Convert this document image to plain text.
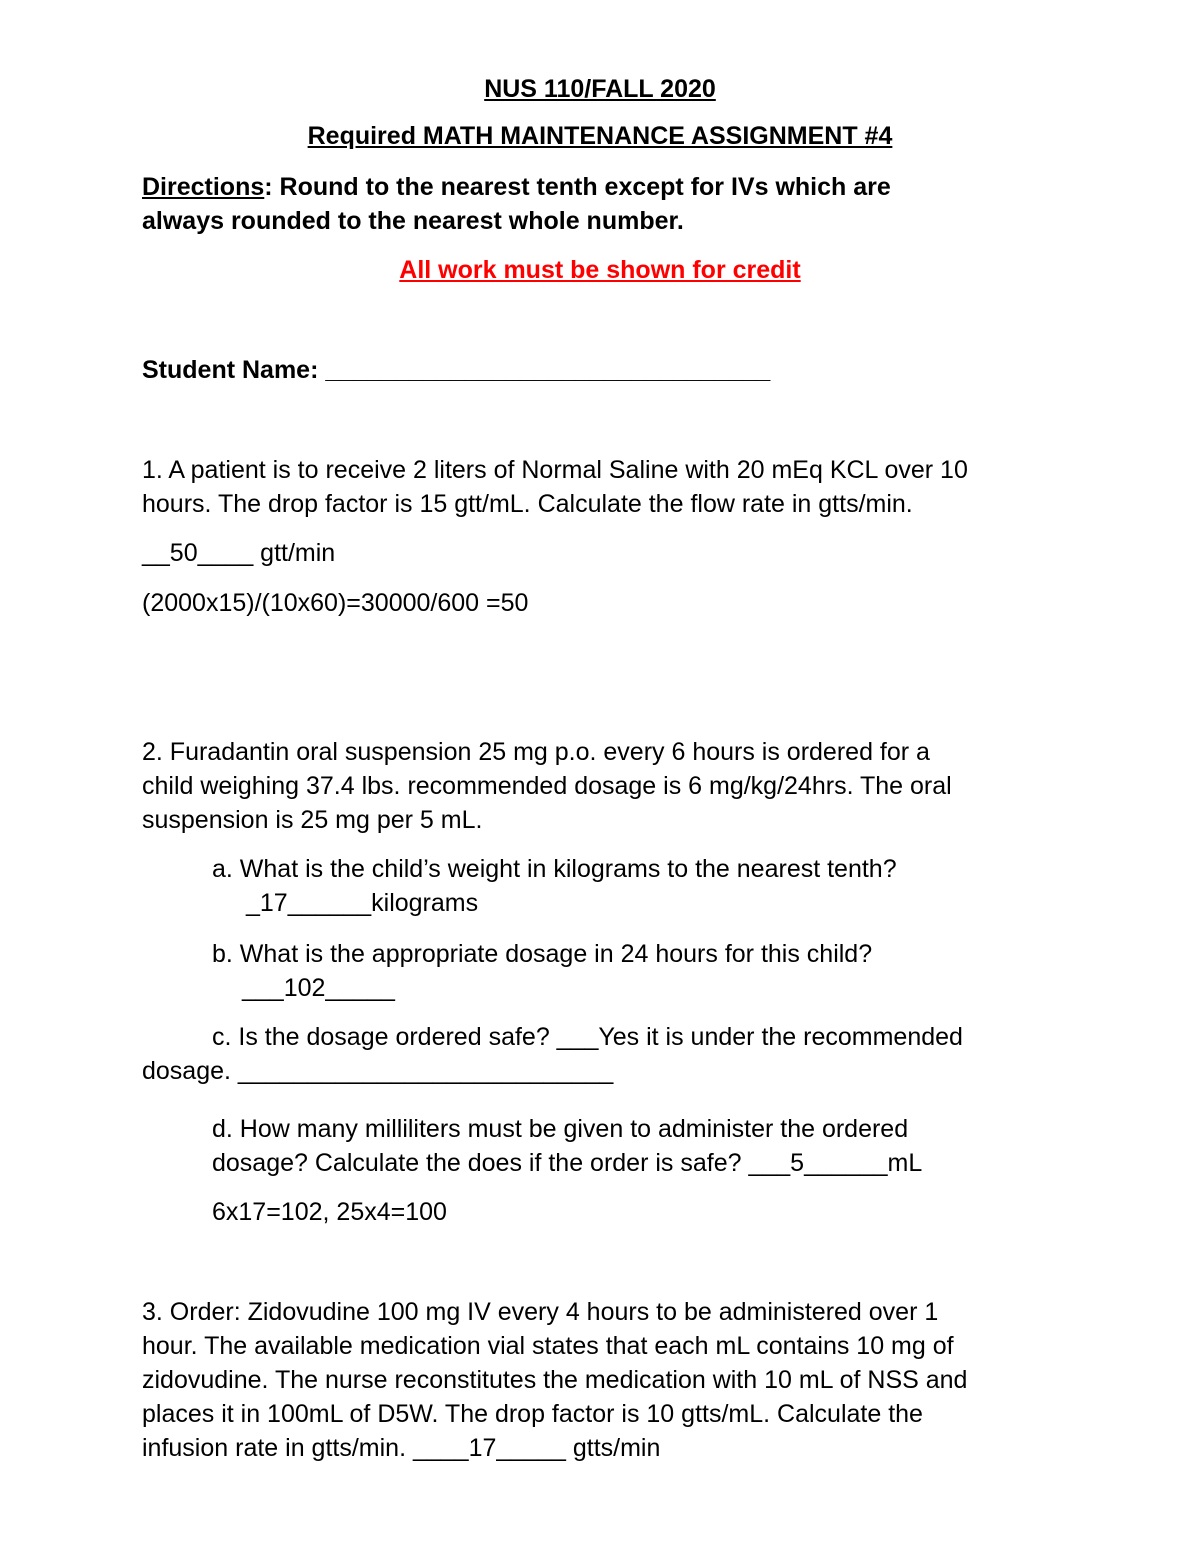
NUS 110/FALL 2020
Required MATH MAINTENANCE ASSIGNMENT #4
Directions: Round to the nearest tenth except for IVs which are
always rounded to the nearest whole number.
All work must be shown for credit
Student Name: ________________________________
1. A patient is to receive 2 liters of Normal Saline with 20 mEq KCL over 10
hours. The drop factor is 15 gtt/mL. Calculate the flow rate in gtts/min.
__50____ gtt/min
(2000x15)/(10x60)=30000/600 =50
2. Furadantin oral suspension 25 mg p.o. every 6 hours is ordered for a
child weighing 37.4 lbs. recommended dosage is 6 mg/kg/24hrs. The oral
suspension is 25 mg per 5 mL.
a. What is the child’s weight in kilograms to the nearest tenth?
_17______kilograms
b. What is the appropriate dosage in 24 hours for this child?
___102_____
c. Is the dosage ordered safe? ___Yes it is under the recommended
dosage. ___________________________
d. How many milliliters must be given to administer the ordered
dosage? Calculate the does if the order is safe? ___5______mL
6x17=102, 25x4=100
3. Order: Zidovudine 100 mg IV every 4 hours to be administered over 1
hour. The available medication vial states that each mL contains 10 mg of
zidovudine. The nurse reconstitutes the medication with 10 mL of NSS and
places it in 100mL of D5W. The drop factor is 10 gtts/mL. Calculate the
infusion rate in gtts/min. ____17_____ gtts/min
